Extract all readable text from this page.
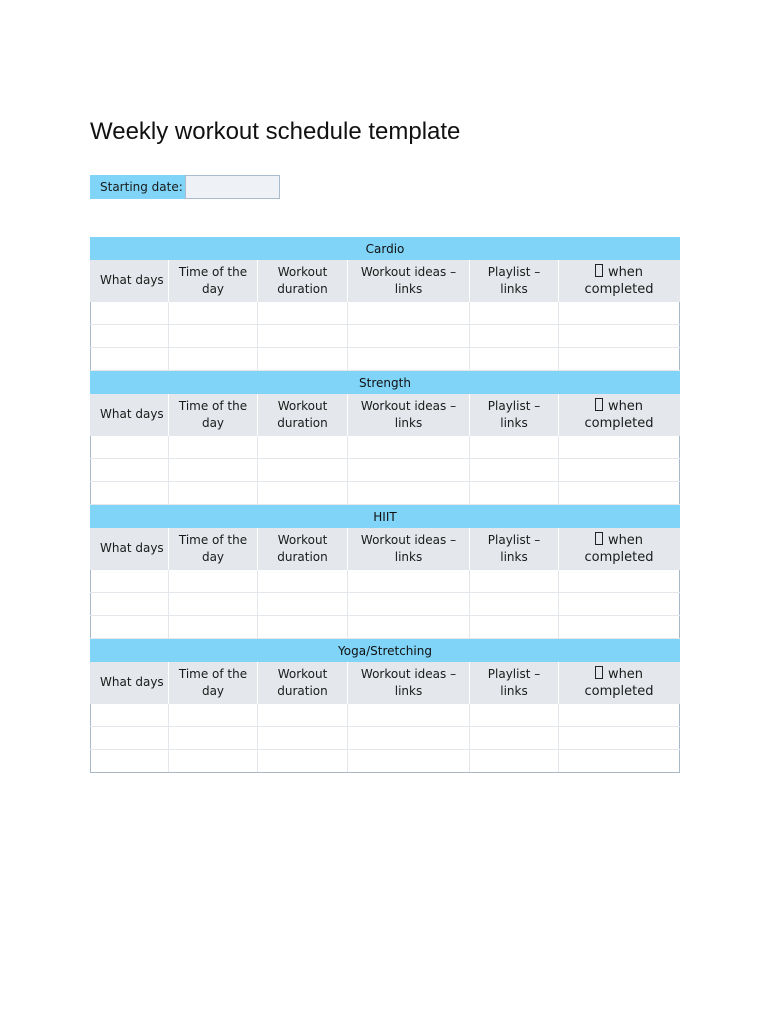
Weekly workout schedule template
Starting date:
Cardio					
What days	Time of the day	Workout duration	Workout ideas – links	Playlist – links	when completed

Strength					
What days	Time of the day	Workout duration	Workout ideas – links	Playlist – links	when completed

HIIT					
What days	Time of the day	Workout duration	Workout ideas – links	Playlist – links	when completed

Yoga/Stretching					
What days	Time of the day	Workout duration	Workout ideas – links	Playlist – links	when completed
